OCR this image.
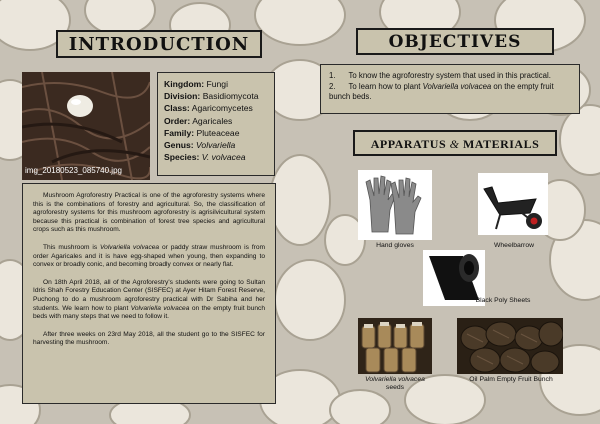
INTRODUCTION	OBJECTIVES
img_20180523_085740.jpg
Kingdom: Fungi
Division: Basidiomycota
Class: Agaricomycetes
Order: Agaricales
Family: Pluteaceae
Genus: Volvariella
Species: V. volvacea

Mushroom Agroforestry Practical is one of the agroforestry systems where this is the combinations of forestry and agricultural. So, the classification of agroforestry systems for this mushroom agroforestry is agrisilvicultural system because this practical is combination of forest tree species and agricultural crops such as this mushroom.

This mushroom is Volvariella volvacea or paddy straw mushroom is from order Agaricales and it is have egg-shaped when young, then expanding to convex or broadly conic, and becoming broadly convex or nearly flat.

On 18th April 2018, all of the Agroforestry's students were going to Sultan Idris Shah Forestry Education Center (SISFEC) at Ayer Hitam Forest Reserve, Puchong to do a mushroom agroforestry practical with Dr Sabiha and her students. We learn how to plant Volvariella volvacea on the empty fruit bunch beds with many steps that we need to follow it.

After three weeks on 23rd May 2018, all the student go to the SISFEC for harvesting the mushroom.

1. To know the agroforestry system that used in this practical.

2. To learn how to plant Volvariella volvacea on the empty fruit bunch beds.

APPARATUS & MATERIALS
Hand gloves	Wheelbarrow
Black Poly Sheets
Volvariella volvacea
seeds
Oil Palm Empty Fruit Bunch
